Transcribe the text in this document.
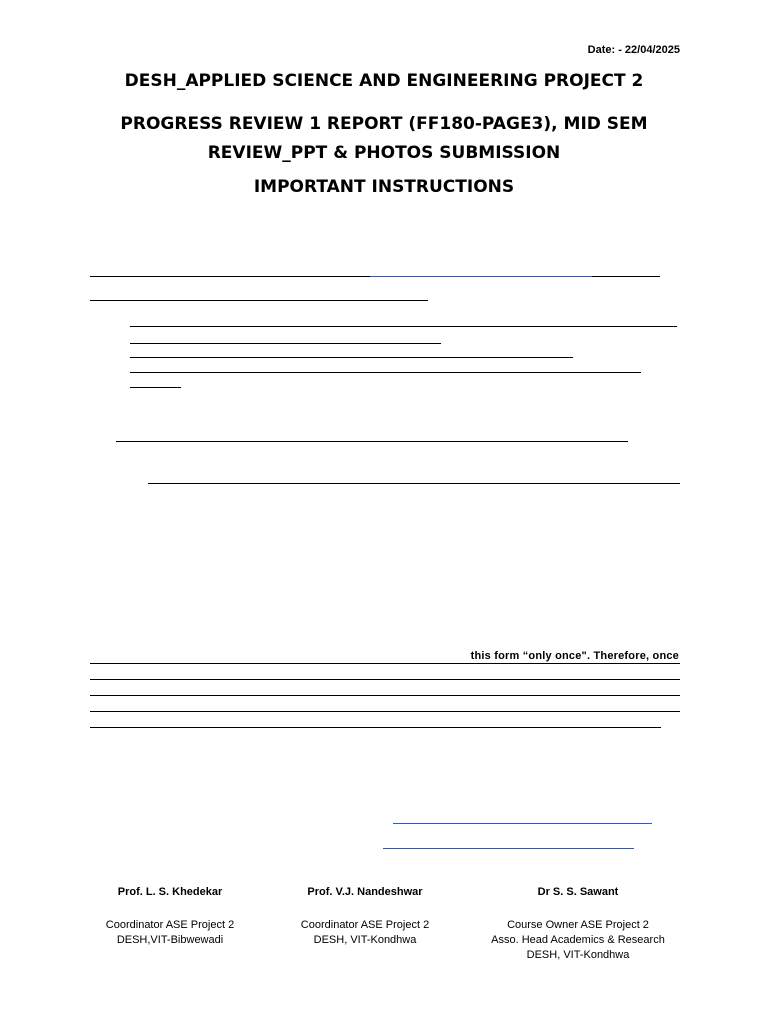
Date: - 22/04/2025
DESH_APPLIED SCIENCE AND ENGINEERING PROJECT 2
PROGRESS REVIEW 1 REPORT (FF180-PAGE3), MID SEM
REVIEW_PPT & PHOTOS SUBMISSION
IMPORTANT INSTRUCTIONS
this form “only once". Therefore, once
Prof. L. S. Khedekar
Coordinator ASE Project 2
DESH,VIT-Bibwewadi
Prof. V.J. Nandeshwar
Coordinator ASE Project 2
DESH, VIT-Kondhwa
Dr S. S. Sawant
Course Owner ASE Project 2
Asso. Head Academics & Research
DESH, VIT-Kondhwa
